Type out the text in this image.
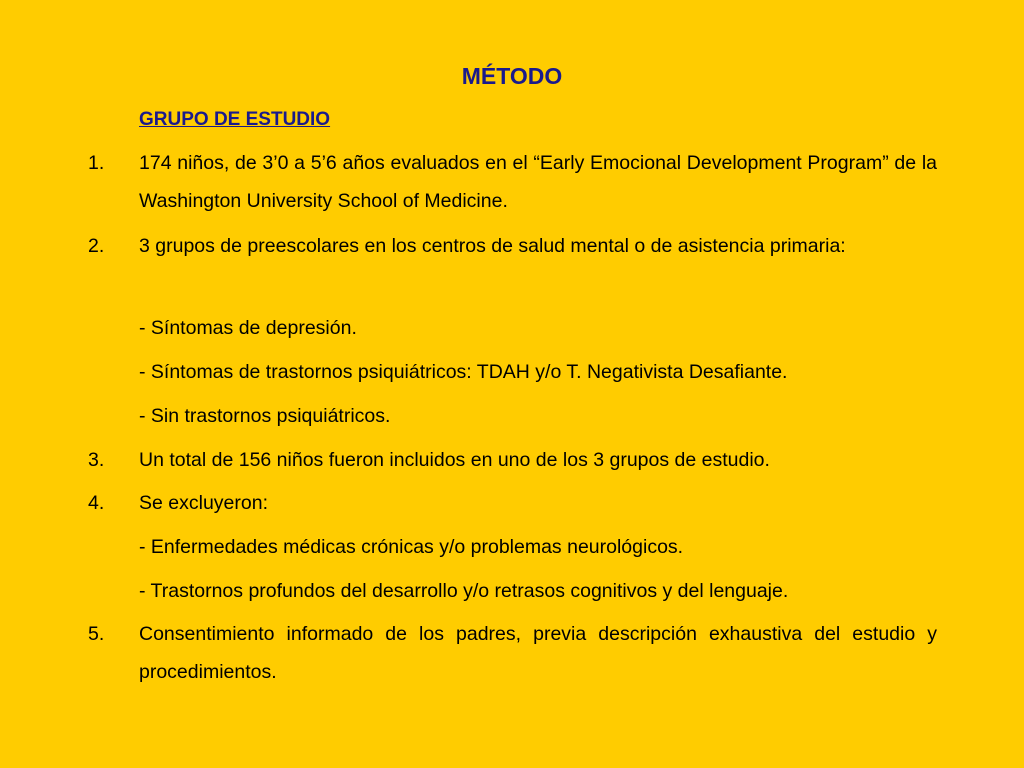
MÉTODO
GRUPO DE ESTUDIO
1. 174 niños, de 3’0 a 5’6 años evaluados en el “Early Emocional Development Program” de la Washington University School of Medicine.
2. 3 grupos de preescolares en los centros de salud mental o de asistencia primaria:
- Síntomas de depresión.
- Síntomas de trastornos psiquiátricos: TDAH y/o T. Negativista Desafiante.
- Sin trastornos psiquiátricos.
3. Un total de 156 niños fueron incluidos en uno de los 3 grupos de estudio.
4. Se excluyeron:
- Enfermedades médicas crónicas y/o problemas neurológicos.
- Trastornos profundos del desarrollo y/o retrasos cognitivos y del lenguaje.
5. Consentimiento informado de los padres, previa descripción exhaustiva del estudio y procedimientos.
